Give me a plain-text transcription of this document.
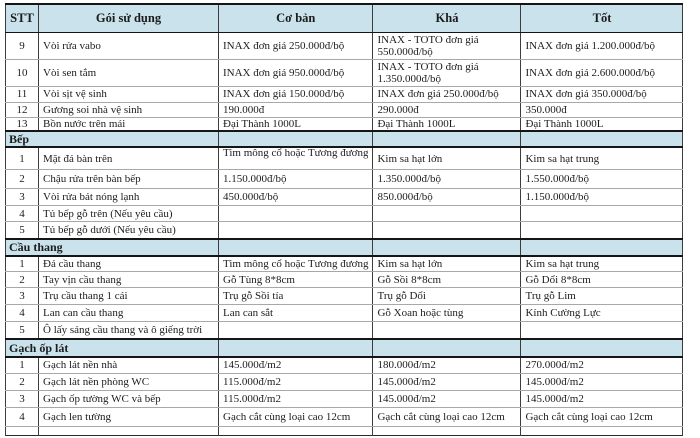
STT	Gói sử dụng	Cơ bản	Khá	Tốt
9	Vòi rửa vabo	INAX đơn giá 250.000đ/bộ	INAX - TOTO đơn giá 550.000đ/bộ	INAX đơn giá 1.200.000đ/bộ
10	Vòi sen tắm	INAX đơn giá 950.000đ/bộ	INAX - TOTO đơn giá 1.350.000đ/bộ	INAX đơn giá 2.600.000đ/bộ
11	Vòi sịt vệ sinh	INAX đơn giá 150.000đ/bộ	INAX đơn giá 250.000đ/bộ	INAX đơn giá 350.000đ/bộ
12	Gương soi nhà vệ sinh	190.000đ	290.000đ	350.000đ
13	Bồn nước trên mái	Đại Thành 1000L	Đại Thành 1000L	Đại Thành 1000L
Bếp				
1	Mặt đá bàn trên	Tim mông cổ hoặc Tương đương	Kim sa hạt lớn	Kim sa hạt trung
2	Chậu rửa trên bàn bếp	1.150.000đ/bộ	1.350.000đ/bộ	1.550.000đ/bộ
3	Vòi rửa bát nóng lạnh	450.000đ/bộ	850.000đ/bộ	1.150.000đ/bộ
4	Tủ bếp gỗ trên (Nếu yêu cầu)			
5	Tủ bếp gỗ dưới (Nếu yêu cầu)			
Cầu thang				
1	Đá cầu thang	Tim mông cổ hoặc Tương đương	Kim sa hạt lớn	Kim sa hạt trung
2	Tay vịn cầu thang	Gỗ Tùng 8*8cm	Gỗ Sồi 8*8cm	Gỗ Dổi 8*8cm
3	Trụ cầu thang 1 cái	Trụ gỗ Sồi tía	Trụ gỗ Dổi	Trụ gỗ Lim
4	Lan can cầu thang	Lan can sắt	Gỗ Xoan hoặc tùng	Kính Cường Lực
5	Ô lấy sáng cầu thang và ô giếng trời			
Gạch ốp lát				
1	Gạch lát nền nhà	145.000đ/m2	180.000đ/m2	270.000đ/m2
2	Gạch lát nền phòng WC	115.000đ/m2	145.000đ/m2	145.000đ/m2
3	Gạch ốp tường WC và bếp	115.000đ/m2	145.000đ/m2	145.000đ/m2
4	Gạch len tường	Gạch cắt cùng loại cao 12cm	Gạch cắt cùng loại cao 12cm	Gạch cắt cùng loại cao 12cm
